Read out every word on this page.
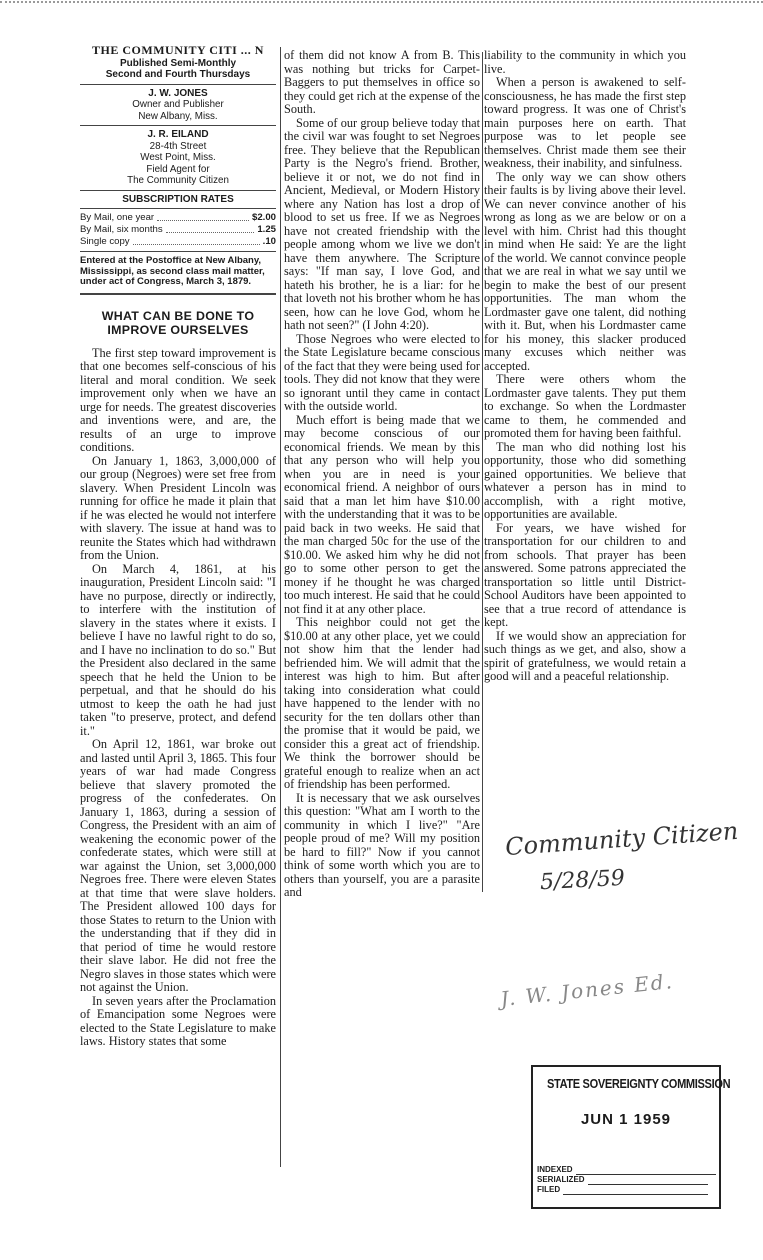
THE COMMUNITY CITI ... N
Published Semi-Monthly
Second and Fourth Thursdays
J. W. JONES
Owner and Publisher
New Albany, Miss.
J. R. EILAND
28-4th Street
West Point, Miss.
Field Agent for
The Community Citizen
SUBSCRIPTION RATES
By Mail, one year	$2.00
By Mail, six months	1.25
Single copy	.10
Entered at the Postoffice at New Albany, Mississippi, as second class mail matter, under act of Congress, March 3, 1879.
WHAT CAN BE DONE TO IMPROVE OURSELVES

The first step toward improvement is that one becomes self-conscious of his literal and moral condition. We seek improvement only when we have an urge for needs. The greatest discoveries and inventions were, and are, the results of an urge to improve conditions.

On January 1, 1863, 3,000,000 of our group (Negroes) were set free from slavery. When President Lincoln was running for office he made it plain that if he was elected he would not interfere with slavery. The issue at hand was to reunite the States which had withdrawn from the Union.

On March 4, 1861, at his inauguration, President Lincoln said: "I have no purpose, directly or indirectly, to interfere with the institution of slavery in the states where it exists. I believe I have no lawful right to do so, and I have no inclination to do so." But the President also declared in the same speech that he held the Union to be perpetual, and that he should do his utmost to keep the oath he had just taken "to preserve, protect, and defend it."

On April 12, 1861, war broke out and lasted until April 3, 1865. This four years of war had made Congress believe that slavery promoted the progress of the confederates. On January 1, 1863, during a session of Congress, the President with an aim of weakening the economic power of the confederate states, which were still at war against the Union, set 3,000,000 Negroes free. There were eleven States at that time that were slave holders. The President allowed 100 days for those States to return to the Union with the understanding that if they did in that period of time he would restore their slave labor. He did not free the Negro slaves in those states which were not against the Union.

In seven years after the Proclamation of Emancipation some Negroes were elected to the State Legislature to make laws. History states that some

of them did not know A from B. This was nothing but tricks for Carpet-Baggers to put themselves in office so they could get rich at the expense of the South.

Some of our group believe today that the civil war was fought to set Negroes free. They believe that the Republican Party is the Negro's friend. Brother, believe it or not, we do not find in Ancient, Medieval, or Modern History where any Nation has lost a drop of blood to set us free. If we as Negroes have not created friendship with the people among whom we live we don't have them anywhere. The Scripture says: "If man say, I love God, and hateth his brother, he is a liar: for he that loveth not his brother whom he has seen, how can he love God, whom he hath not seen?" (I John 4:20).

Those Negroes who were elected to the State Legislature became conscious of the fact that they were being used for tools. They did not know that they were so ignorant until they came in contact with the outside world.

Much effort is being made that we may become conscious of our economical friends. We mean by this that any person who will help you when you are in need is your economical friend. A neighbor of ours said that a man let him have $10.00 with the understanding that it was to be paid back in two weeks. He said that the man charged 50c for the use of the $10.00. We asked him why he did not go to some other person to get the money if he thought he was charged too much interest. He said that he could not find it at any other place.

This neighbor could not get the $10.00 at any other place, yet we could not show him that the lender had befriended him. We will admit that the interest was high to him. But after taking into consideration what could have happened to the lender with no security for the ten dollars other than the promise that it would be paid, we consider this a great act of friendship. We think the borrower should be grateful enough to realize when an act of friendship has been performed.

It is necessary that we ask ourselves this question: "What am I worth to the community in which I live?" "Are people proud of me? Will my position be hard to fill?" Now if you cannot think of some worth which you are to others than yourself, you are a parasite and

liability to the community in which you live.

When a person is awakened to self-consciousness, he has made the first step toward progress. It was one of Christ's main purposes here on earth. That purpose was to let people see themselves. Christ made them see their weakness, their inability, and sinfulness.

The only way we can show others their faults is by living above their level. We can never convince another of his wrong as long as we are below or on a level with him. Christ had this thought in mind when He said: Ye are the light of the world. We cannot convince people that we are real in what we say until we begin to make the best of our present opportunities. The man whom the Lordmaster gave one talent, did nothing with it. But, when his Lordmaster came for his money, this slacker produced many excuses which neither was accepted.

There were others whom the Lordmaster gave talents. They put them to exchange. So when the Lordmaster came to them, he commended and promoted them for having been faithful.

The man who did nothing lost his opportunity, those who did something gained opportunities. We believe that whatever a person has in mind to accomplish, with a right motive, opportunities are available.

For years, we have wished for transportation for our children to and from schools. That prayer has been answered. Some patrons appreciated the transportation so little until District-School Auditors have been appointed to see that a true record of attendance is kept.

If we would show an appreciation for such things as we get, and also, show a spirit of gratefulness, we would retain a good will and a peaceful relationship.

Community Citizen
5/28/59
J. W. Jones Ed.
STATE SOVEREIGNTY COMMISSION
JUN 1 1959
INDEXED
SERIALIZED
FILED
